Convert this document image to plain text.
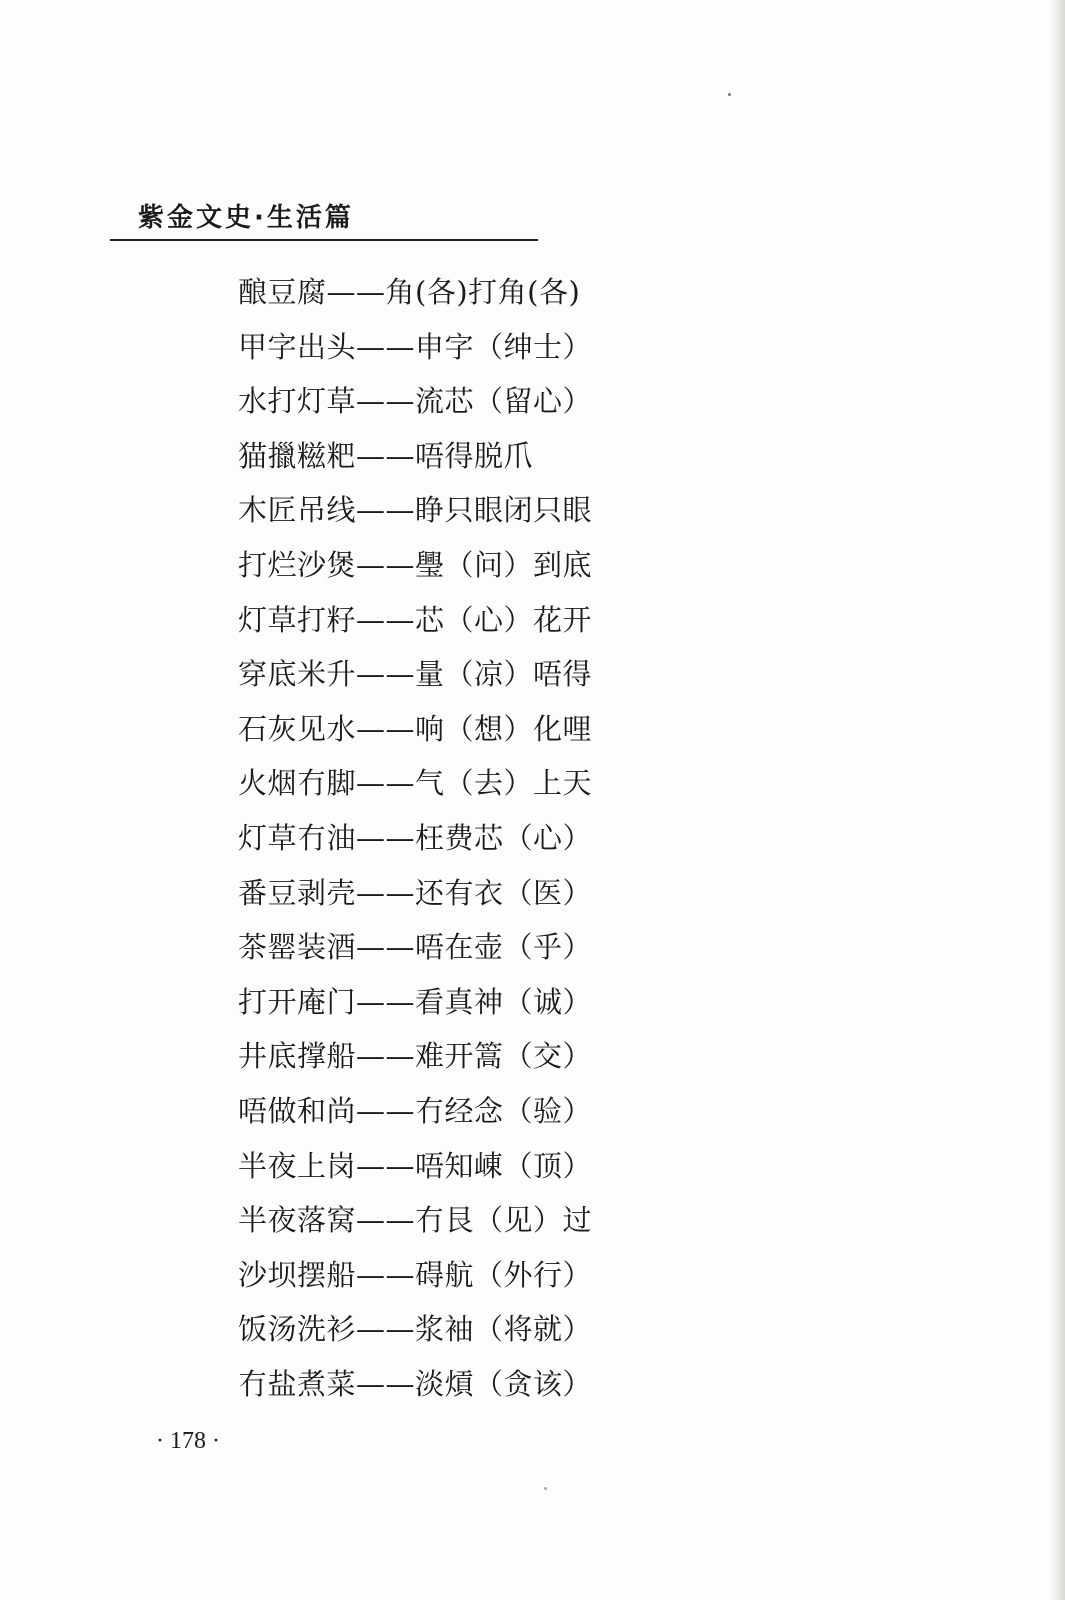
紫金文史·生活篇
酿豆腐——角(各)打角(各)
甲字出头——申字（绅士）
水打灯草——流芯（留心）
猫擸糍粑——唔得脱爪
木匠吊线——睁只眼闭只眼
打烂沙煲——璺（问）到底
灯草打籽——芯（心）花开
穿底米升——量（凉）唔得
石灰见水——响（想）化哩
火烟冇脚——气（去）上天
灯草冇油——枉费芯（心）
番豆剥壳——还有衣（医）
茶罂装酒——唔在壶（乎）
打开庵门——看真神（诚）
井底撑船——难开篙（交）
唔做和尚——冇经念（验）
半夜上岗——唔知崠（顶）
半夜落窝——冇艮（见）过
沙坝摆船——碍航（外行）
饭汤洗衫——浆袖（将就）
冇盐煮菜——淡熕（贪该）
· 178 ·
